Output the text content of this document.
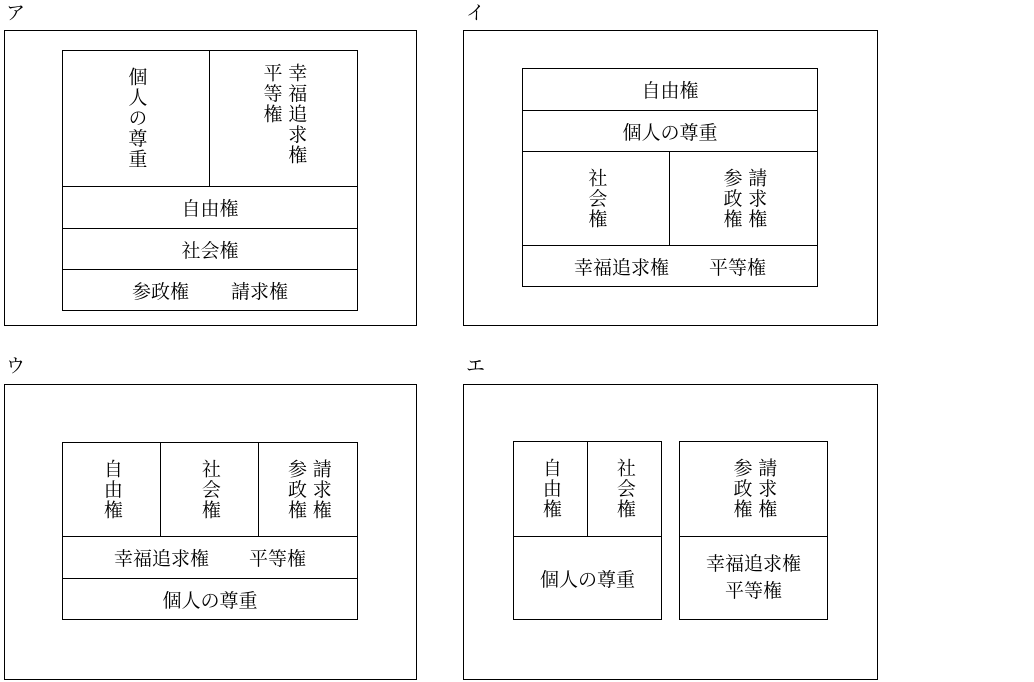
ア
個人の尊重	平等権 幸福追求権
自由権
社会権
参政権 請求権
イ
自由権
個人の尊重
社会権	参政権 請求権
幸福追求権 平等権
ウ
自由権	社会権	参政権 請求権
幸福追求権 平等権
個人の尊重
エ
自由権	社会権
個人の尊重
参政権 請求権
幸福追求権
平等権
